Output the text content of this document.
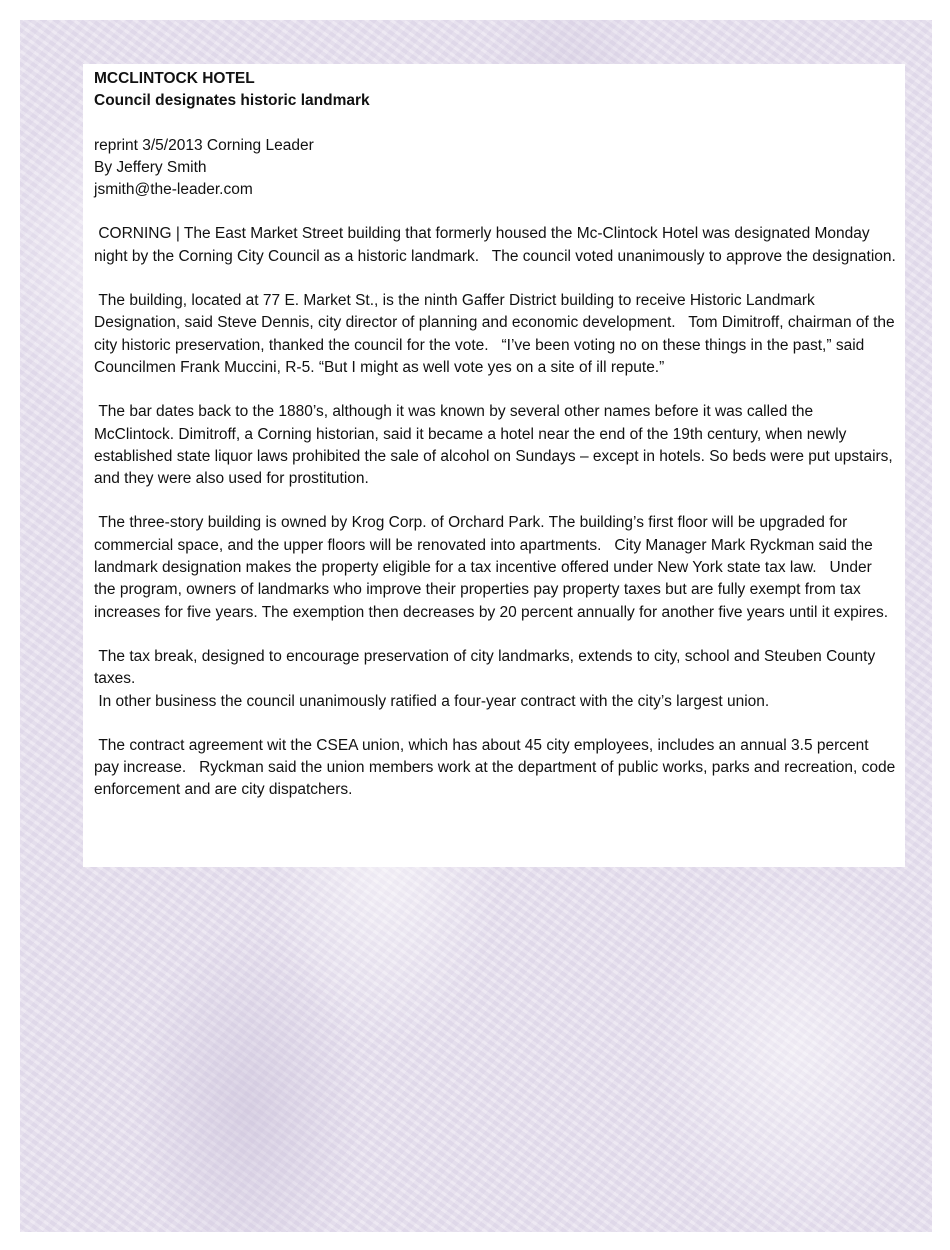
MCCLINTOCK HOTEL
Council designates historic landmark
reprint 3/5/2013 Corning Leader
By Jeffery Smith
jsmith@the-leader.com

CORNING | The East Market Street building that formerly housed the Mc-Clintock Hotel was designated Monday night by the Corning City Council as a historic landmark.   The council voted unanimously to approve the designation.

The building, located at 77 E. Market St., is the ninth Gaffer District building to receive Historic Landmark Designation, said Steve Dennis, city director of planning and economic development.   Tom Dimitroff, chairman of the city historic preservation, thanked the council for the vote.   “I’ve been voting no on these things in the past,” said Councilmen Frank Muccini, R-5. “But I might as well vote yes on a site of ill repute.”

The bar dates back to the 1880’s, although it was known by several other names before it was called the McClintock. Dimitroff, a Corning historian, said it became a hotel near the end of the 19th century, when newly established state liquor laws prohibited the sale of alcohol on Sundays – except in hotels. So beds were put upstairs, and they were also used for prostitution.

The three-story building is owned by Krog Corp. of Orchard Park. The building’s first floor will be upgraded for commercial space, and the upper floors will be renovated into apartments.   City Manager Mark Ryckman said the landmark designation makes the property eligible for a tax incentive offered under New York state tax law.   Under the program, owners of landmarks who improve their properties pay property taxes but are fully exempt from tax increases for five years. The exemption then decreases by 20 percent annually for another five years until it expires.

The tax break, designed to encourage preservation of city landmarks, extends to city, school and Steuben County taxes.

In other business the council unanimously ratified a four-year contract with the city’s largest union.

The contract agreement wit the CSEA union, which has about 45 city employees, includes an annual 3.5 percent pay increase.   Ryckman said the union members work at the department of public works, parks and recreation, code enforcement and are city dispatchers.
